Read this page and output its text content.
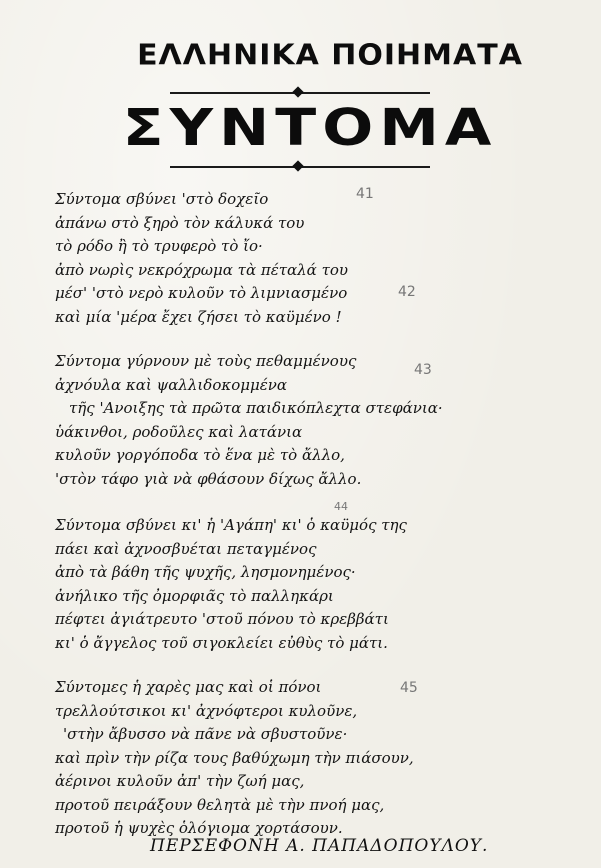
ΕΛΛΗΝΙΚΑ ΠΟΙΗΜΑΤΑ
ΣΥΝΤΟΜΑ
Σύντομα σβύνει 'στὸ δοχεῖο
ἀπάνω στὸ ξηρὸ τὸν κάλυκά του
τὸ ρόδο ἢ τὸ τρυφερὸ τὸ ἴο·
ἀπὸ νωρὶς νεκρόχρωμα τὰ πέταλά του
μέσ' 'στὸ νερὸ κυλοῦν τὸ λιμνιασμένο
καὶ μία 'μέρα ἔχει ζήσει τὸ καϋμένο !
Σύντομα γύρνουν μὲ τοὺς πεθαμμένους
ἀχνόυλα καὶ ψαλλιδοκομμένα
τῆς 'Ανοιξης τὰ πρῶτα παιδικόπλεχτα στεφάνια·
ὑάκινθοι, ροδοῦλες καὶ λατάνια
κυλοῦν γοργόποδα τὸ ἕνα μὲ τὸ ἄλλο,
'στὸν τάφο γιὰ νὰ φθάσουν δίχως ἄλλο.
Σύντομα σβύνει κι' ἡ 'Αγάπη' κι' ὁ καϋμός της
πάει καὶ ἀχνοσβυέται πεταγμένος
ἀπὸ τὰ βάθη τῆς ψυχῆς, λησμονημένος·
ἀνήλικο τῆς ὀμορφιᾶς τὸ παλληκάρι
πέφτει ἀγιάτρευτο 'στοῦ πόνου τὸ κρεββάτι
κι' ὁ ἄγγελος τοῦ σιγοκλείει εὐθὺς τὸ μάτι.
Σύντομες ἡ χαρὲς μας καὶ οἱ πόνοι
τρελλούτσικοι κι' ἀχνόφτεροι κυλοῦνε,
'στὴν ἄβυσσο νὰ πᾶνε νὰ σβυστοῦνε·
καὶ πρὶν τὴν ρίζα τους βαθύχωμη τὴν πιάσουν,
ἀέρινοι κυλοῦν ἀπ' τὴν ζωή μας,
προτοῦ πειράξουν θελητὰ μὲ τὴν πνοή μας,
προτοῦ ἡ ψυχὲς ὁλόγιομα χορτάσουν.
41
42
43
44
45
ΠΕΡΣΕΦΟΝΗ Α. ΠΑΠΑΔΟΠΟΥΛΟΥ.
